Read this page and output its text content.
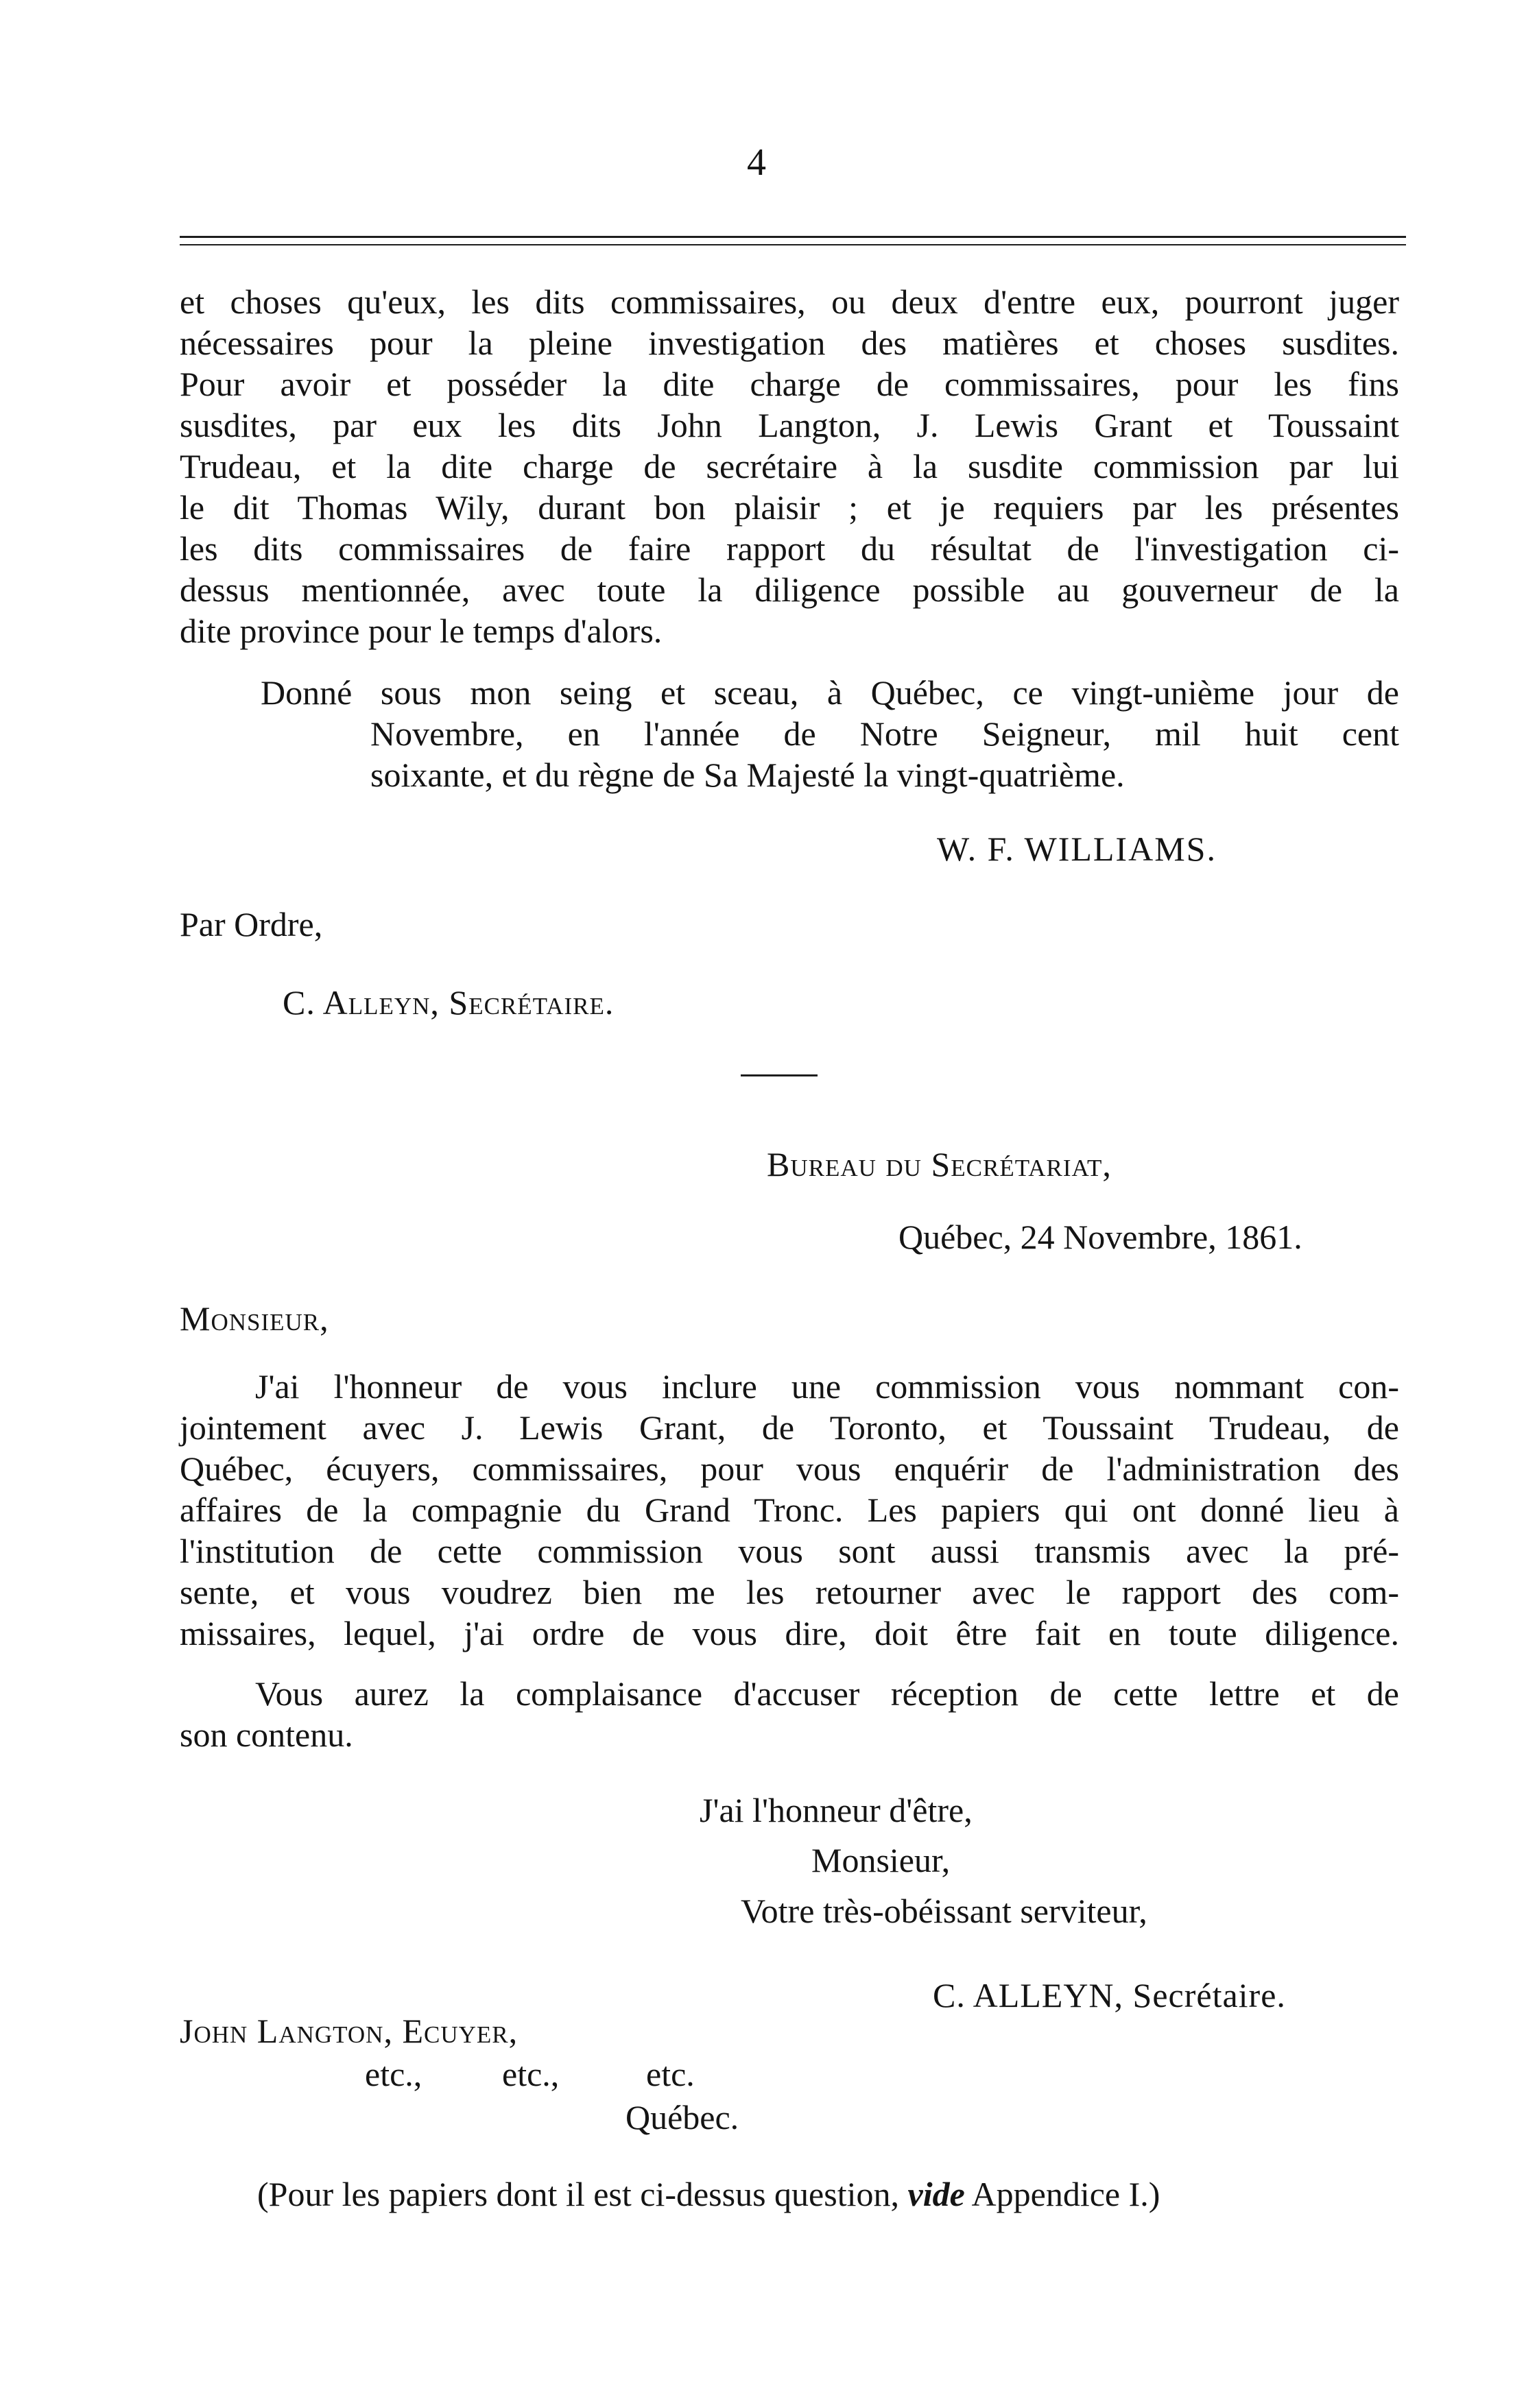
4
et choses qu'eux, les dits commissaires, ou deux d'entre eux, pourront juger
nécessaires pour la pleine investigation des matières et choses susdites.
Pour avoir et posséder la dite charge de commissaires, pour les fins
susdites, par eux les dits John Langton, J. Lewis Grant et Toussaint
Trudeau, et la dite charge de secrétaire à la susdite commission par lui
le dit Thomas Wily, durant bon plaisir ; et je requiers par les présentes
les dits commissaires de faire rapport du résultat de l'investigation ci-
dessus mentionnée, avec toute la diligence possible au gouverneur de la
dite province pour le temps d'alors.
Donné sous mon seing et sceau, à Québec, ce vingt-unième jour de
Novembre, en l'année de Notre Seigneur, mil huit cent
soixante, et du règne de Sa Majesté la vingt-quatrième.
W. F. WILLIAMS.
Par Ordre,
C. Alleyn, Secrétaire.
Bureau du Secrétariat,
Québec, 24 Novembre, 1861.
Monsieur,
J'ai l'honneur de vous inclure une commission vous nommant con-
jointement avec J. Lewis Grant, de Toronto, et Toussaint Trudeau, de
Québec, écuyers, commissaires, pour vous enquérir de l'administration des
affaires de la compagnie du Grand Tronc. Les papiers qui ont donné lieu à
l'institution de cette commission vous sont aussi transmis avec la pré-
sente, et vous voudrez bien me les retourner avec le rapport des com-
missaires, lequel, j'ai ordre de vous dire, doit être fait en toute diligence.
Vous aurez la complaisance d'accuser réception de cette lettre et de
son contenu.
J'ai l'honneur d'être,
Monsieur,
Votre très-obéissant serviteur,
C. ALLEYN, Secrétaire.
John Langton, Ecuyer,
etc., etc.,	etc.
Québec.
(Pour les papiers dont il est ci-dessus question, vide Appendice I.)
